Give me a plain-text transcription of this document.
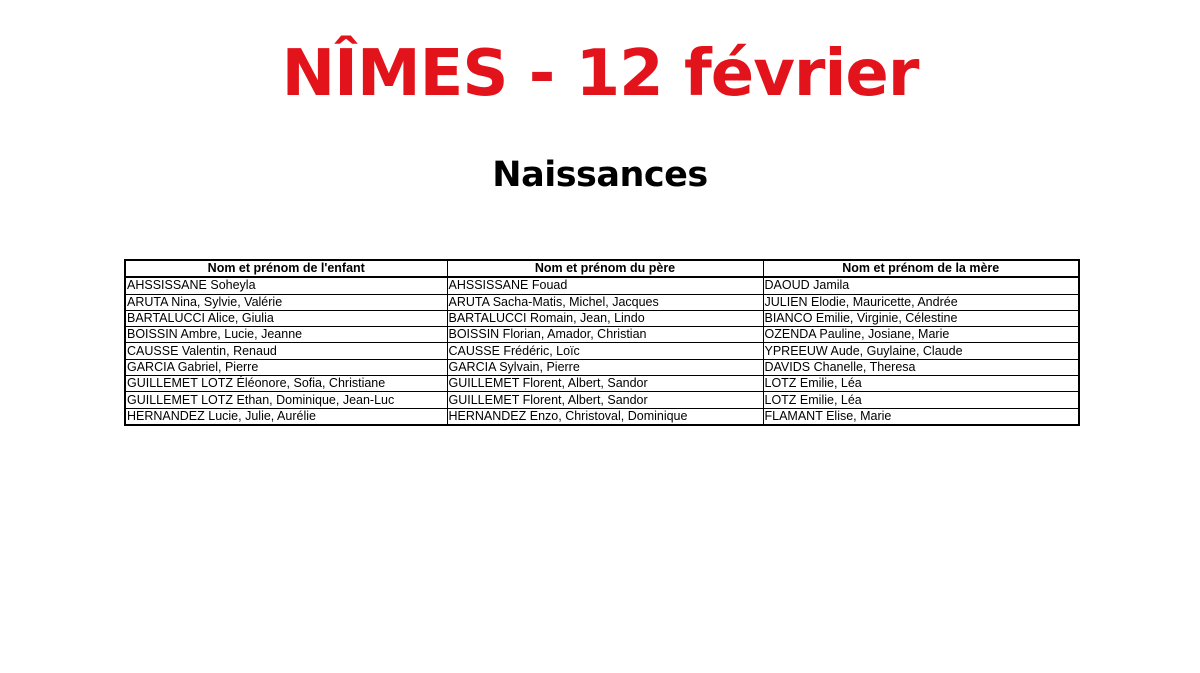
NÎMES - 12 février
Naissances
Nom et prénom de l'enfant	Nom et prénom du père	Nom et prénom de la mère
AHSSISSANE Soheyla	AHSSISSANE Fouad	DAOUD Jamila
ARUTA Nina, Sylvie, Valérie	ARUTA Sacha-Matis, Michel, Jacques	JULIEN Elodie, Mauricette, Andrée
BARTALUCCI Alice, Giulia	BARTALUCCI Romain, Jean, Lindo	BIANCO Emilie, Virginie, Célestine
BOISSIN Ambre, Lucie, Jeanne	BOISSIN Florian, Amador, Christian	OZENDA Pauline, Josiane, Marie
CAUSSE Valentin, Renaud	CAUSSE Frédéric, Loïc	YPREEUW Aude, Guylaine, Claude
GARCIA Gabriel, Pierre	GARCIA Sylvain, Pierre	DAVIDS Chanelle, Theresa
GUILLEMET LOTZ Éléonore, Sofia, Christiane	GUILLEMET Florent, Albert, Sandor	LOTZ Emilie, Léa
GUILLEMET LOTZ Ethan, Dominique, Jean-Luc	GUILLEMET Florent, Albert, Sandor	LOTZ Emilie, Léa
HERNANDEZ Lucie, Julie, Aurélie	HERNANDEZ Enzo, Christoval, Dominique	FLAMANT Elise, Marie
